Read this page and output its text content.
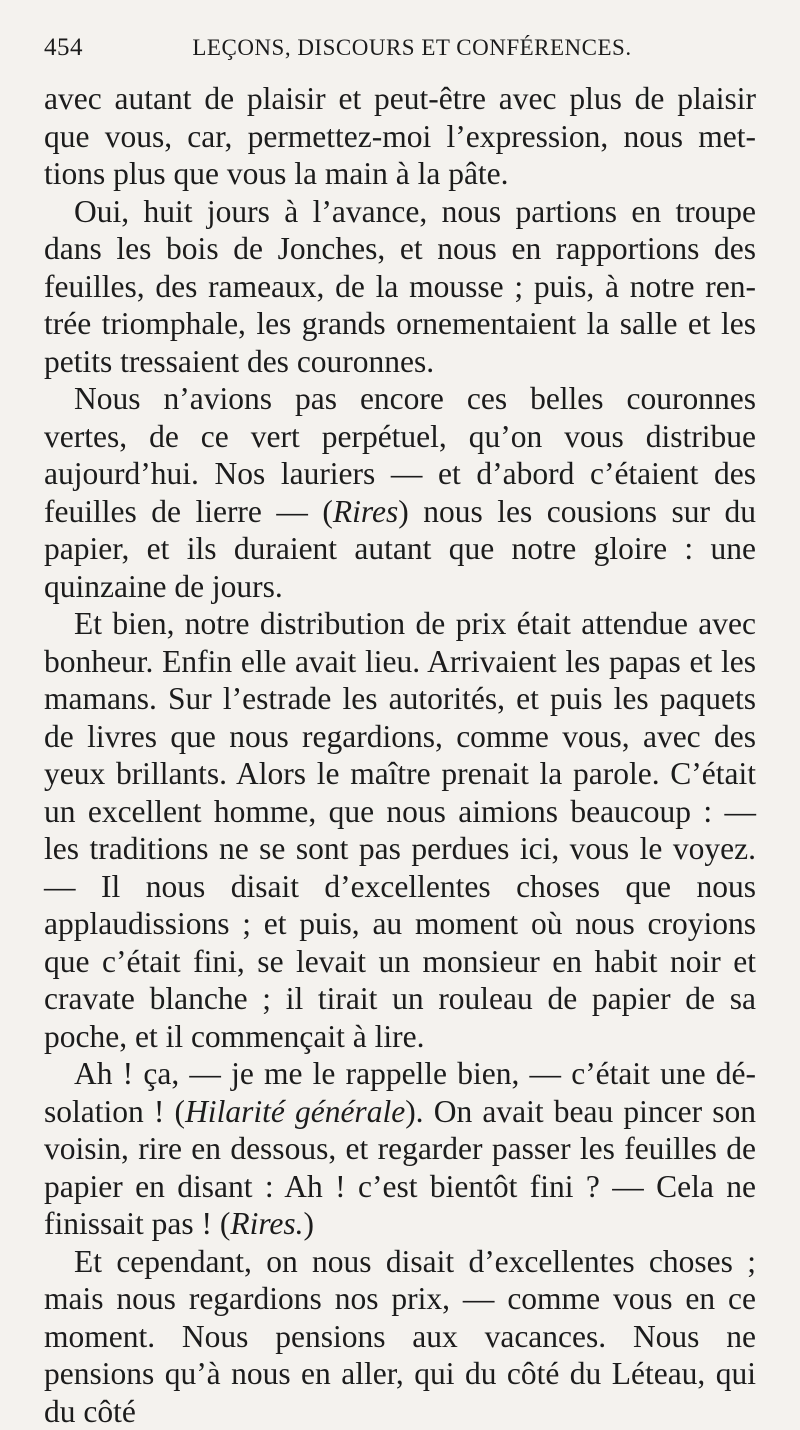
454	LEÇONS, DISCOURS ET CONFÉRENCES.

avec autant de plaisir et peut-être avec plus de plaisir que vous, car, permettez-moi l’expression, nous mettions plus que vous la main à la pâte.

Oui, huit jours à l’avance, nous partions en troupe dans les bois de Jonches, et nous en rapportions des feuilles, des rameaux, de la mousse ; puis, à notre rentrée triomphale, les grands ornementaient la salle et les petits tressaient des couronnes.

Nous n’avions pas encore ces belles couronnes vertes, de ce vert perpétuel, qu’on vous distribue aujourd’hui. Nos lauriers — et d’abord c’étaient des feuilles de lierre — (Rires) nous les cousions sur du papier, et ils duraient autant que notre gloire : une quinzaine de jours.

Et bien, notre distribution de prix était attendue avec bonheur. Enfin elle avait lieu. Arrivaient les papas et les mamans. Sur l’estrade les autorités, et puis les paquets de livres que nous regardions, comme vous, avec des yeux brillants. Alors le maître prenait la parole. C’était un excellent homme, que nous aimions beaucoup : — les traditions ne se sont pas perdues ici, vous le voyez. — Il nous disait d’excellentes choses que nous applaudissions ; et puis, au moment où nous croyions que c’était fini, se levait un monsieur en habit noir et cravate blanche ; il tirait un rouleau de papier de sa poche, et il commençait à lire.

Ah ! ça, — je me le rappelle bien, — c’était une désolation ! (Hilarité générale). On avait beau pincer son voisin, rire en dessous, et regarder passer les feuilles de papier en disant : Ah ! c’est bientôt fini ? — Cela ne finissait pas ! (Rires.)

Et cependant, on nous disait d’excellentes choses ; mais nous regardions nos prix, — comme vous en ce moment. Nous pensions aux vacances. Nous ne pensions qu’à nous en aller, qui du côté du Léteau, qui du côté
